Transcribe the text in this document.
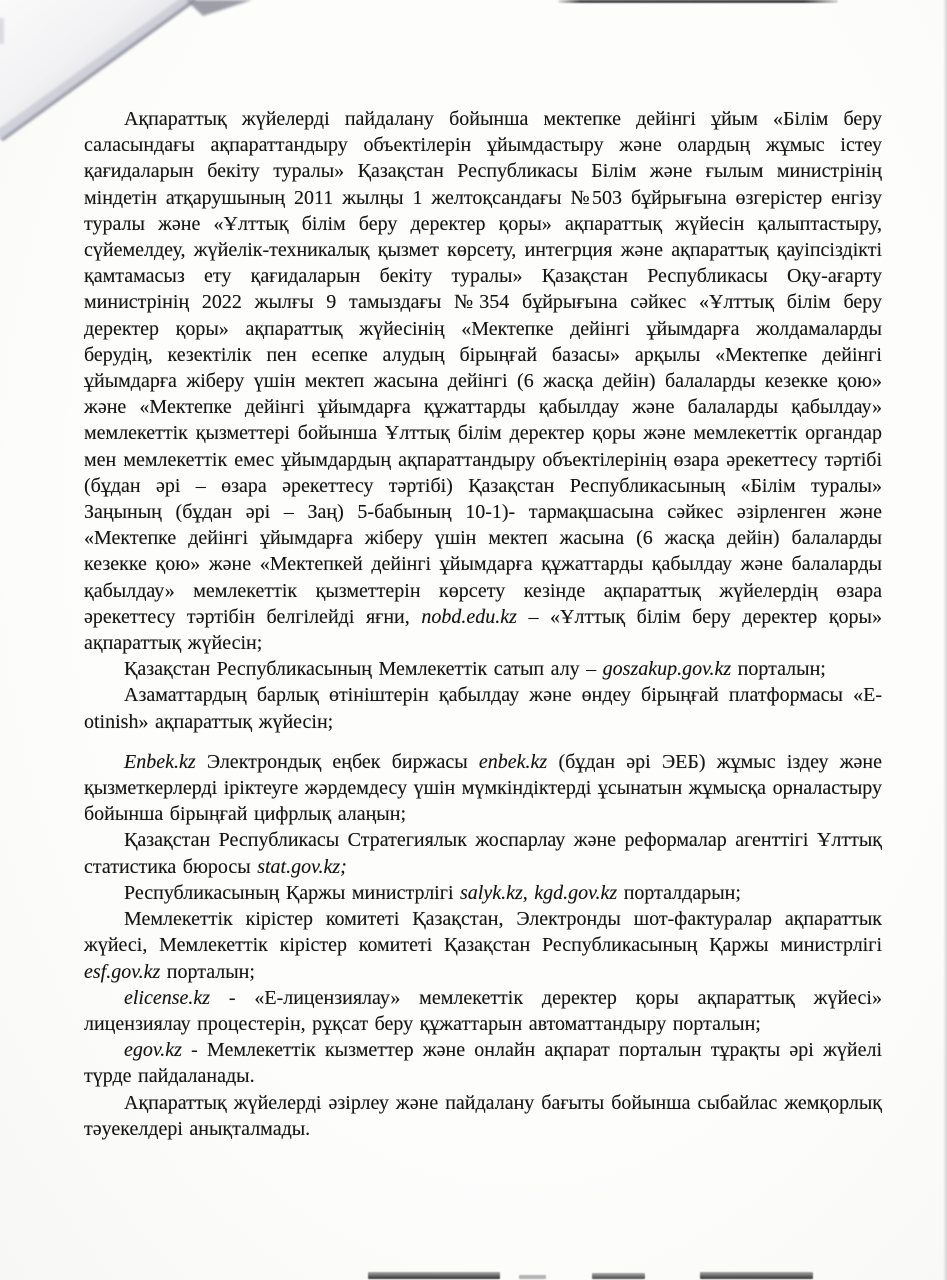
Ақпараттық жүйелерді пайдалану бойынша мектепке дейінгі ұйым «Білім беру саласындағы ақпараттандыру объектілерін ұйымдастыру және олардың жұмыс істеу қағидаларын бекіту туралы» Қазақстан Республикасы Білім және ғылым министрінің міндетін атқарушының 2011 жылңы 1 желтоқсандағы №503 бұйрығына өзгерістер енгізу туралы және «Ұлттық білім беру деректер қоры» ақпараттық жүйесін қалыптастыру, сүйемелдеу, жүйелік-техникалық қызмет көрсету, интегрция және ақпараттық қауіпсіздікті қамтамасыз ету қағидаларын бекіту туралы» Қазақстан Республикасы Оқу-ағарту министрінің 2022 жылғы 9 тамыздағы №354 бұйрығына сәйкес «Ұлттық білім беру деректер қоры» ақпараттық жүйесінің «Мектепке дейінгі ұйымдарға жолдамаларды берудің, кезектілік пен есепке алудың бірыңғай базасы» арқылы «Мектепке дейінгі ұйымдарға жіберу үшін мектеп жасына дейінгі (6 жасқа дейін) балаларды кезекке қою» және «Мектепке дейінгі ұйымдарға құжаттарды қабылдау және балаларды қабылдау» мемлекеттік қызметтері бойынша Ұлттық білім деректер қоры және мемлекеттік органдар мен мемлекеттік емес ұйымдардың ақпараттандыру объектілерінің өзара әрекеттесу тәртібі (бұдан әрі – өзара әрекеттесу тәртібі) Қазақстан Республикасының «Білім туралы» Заңының (бұдан әрі – Заң) 5-бабының 10-1)- тармақшасына сәйкес әзірленген және «Мектепке дейінгі ұйымдарға жіберу үшін мектеп жасына (6 жасқа дейін) балаларды кезекке қою» және «Мектепкей дейінгі ұйымдарға құжаттарды қабылдау және балаларды қабылдау» мемлекеттік қызметтерін көрсету кезінде ақпараттық жүйелердің өзара әрекеттесу тәртібін белгілейді яғни, nobd.edu.kz – «Ұлттық білім беру деректер қоры» ақпараттық жүйесін;

Қазақстан Республикасының Мемлекеттік сатып алу – goszakup.gov.kz порталын;

Азаматтардың барлық өтініштерін қабылдау және өндеу бірыңғай платформасы «E-otinish» ақпараттық жүйесін;

Enbek.kz Электрондық еңбек биржасы enbek.kz (бұдан әрі ЭЕБ) жұмыс іздеу және қызметкерлерді іріктеуге жәрдемдесу үшін мүмкіндіктерді ұсынатын жұмысқа орналастыру бойынша бірыңғай цифрлық алаңын;

Қазақстан Республикасы Стратегиялык жоспарлау және реформалар агенттігі Ұлттық статистика бюросы stat.gov.kz;

Республикасының Қаржы министрлігі salyk.kz, kgd.gov.kz порталдарын;

Мемлекеттік кірістер комитеті Қазақстан, Электронды шот-фактуралар ақпараттык жүйесі, Мемлекеттік кірістер комитеті Қазақстан Республикасының Қаржы министрлігі esf.gov.kz порталын;

elicense.kz - «Е-лицензиялау» мемлекеттік деректер қоры ақпараттық жүйесі» лицензиялау процестерін, рұқсат беру құжаттарын автоматтандыру порталын;

egov.kz - Мемлекеттік кызметтер және онлайн ақпарат порталын тұрақты әрі жүйелі түрде пайдаланады.

Ақпараттық жүйелерді әзірлеу және пайдалану бағыты бойынша сыбайлас жемқорлық тәуекелдері анықталмады.
